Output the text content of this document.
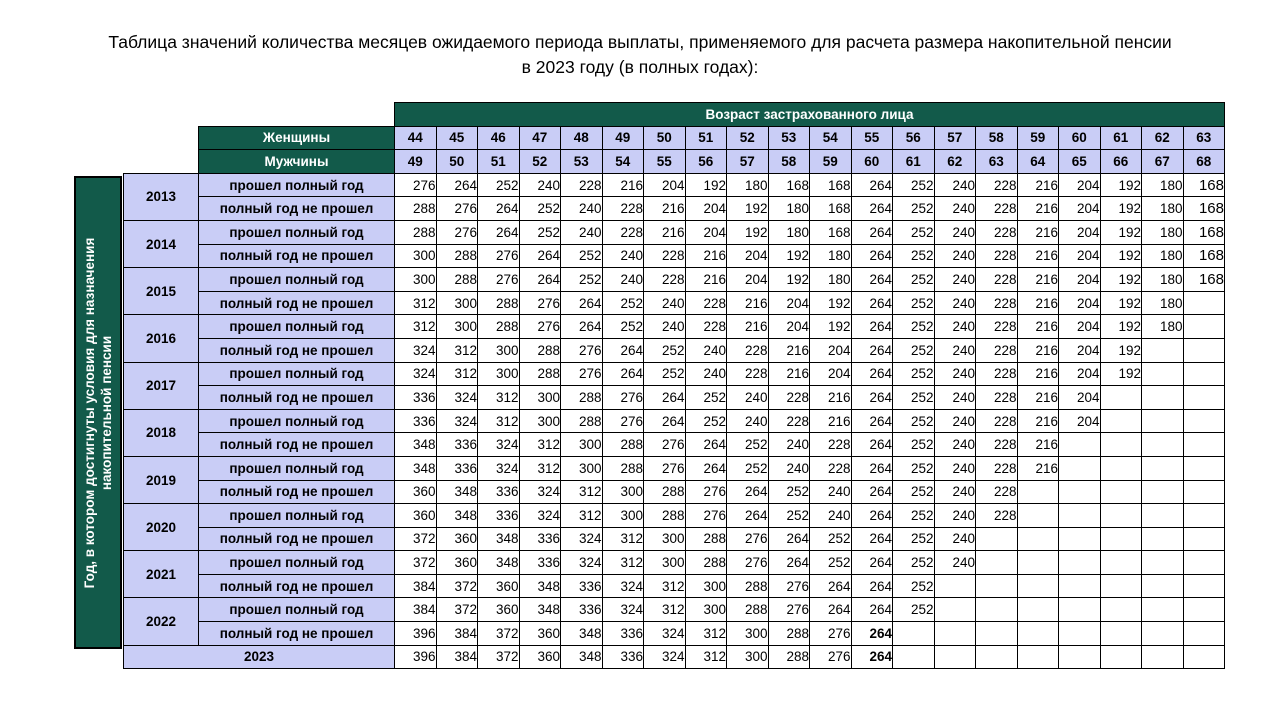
Таблица значений количества месяцев ожидаемого периода выплаты, применяемого для расчета размера накопительной пенсии
в 2023 году (в полных годах):
Год, в котором достигнуты условия для назначения накопительной пенсии
		Возраст застрахованного лица																			
	Женщины	44	45	46	47	48	49	50	51	52	53	54	55	56	57	58	59	60	61	62	63
	Мужчины	49	50	51	52	53	54	55	56	57	58	59	60	61	62	63	64	65	66	67	68
2013	прошел полный год	276	264	252	240	228	216	204	192	180	168	168	264	252	240	228	216	204	192	180	168
	полный год не прошел	288	276	264	252	240	228	216	204	192	180	168	264	252	240	228	216	204	192	180	168
2014	прошел полный год	288	276	264	252	240	228	216	204	192	180	168	264	252	240	228	216	204	192	180	168
	полный год не прошел	300	288	276	264	252	240	228	216	204	192	180	264	252	240	228	216	204	192	180	168
2015	прошел полный год	300	288	276	264	252	240	228	216	204	192	180	264	252	240	228	216	204	192	180	168
	полный год не прошел	312	300	288	276	264	252	240	228	216	204	192	264	252	240	228	216	204	192	180	
2016	прошел полный год	312	300	288	276	264	252	240	228	216	204	192	264	252	240	228	216	204	192	180	
	полный год не прошел	324	312	300	288	276	264	252	240	228	216	204	264	252	240	228	216	204	192		
2017	прошел полный год	324	312	300	288	276	264	252	240	228	216	204	264	252	240	228	216	204	192		
	полный год не прошел	336	324	312	300	288	276	264	252	240	228	216	264	252	240	228	216	204			
2018	прошел полный год	336	324	312	300	288	276	264	252	240	228	216	264	252	240	228	216	204			
	полный год не прошел	348	336	324	312	300	288	276	264	252	240	228	264	252	240	228	216				
2019	прошел полный год	348	336	324	312	300	288	276	264	252	240	228	264	252	240	228	216				
	полный год не прошел	360	348	336	324	312	300	288	276	264	252	240	264	252	240	228					
2020	прошел полный год	360	348	336	324	312	300	288	276	264	252	240	264	252	240	228					
	полный год не прошел	372	360	348	336	324	312	300	288	276	264	252	264	252	240						
2021	прошел полный год	372	360	348	336	324	312	300	288	276	264	252	264	252	240						
	полный год не прошел	384	372	360	348	336	324	312	300	288	276	264	264	252							
2022	прошел полный год	384	372	360	348	336	324	312	300	288	276	264	264	252							
	полный год не прошел	396	384	372	360	348	336	324	312	300	288	276	264								
2023		396	384	372	360	348	336	324	312	300	288	276	264								
